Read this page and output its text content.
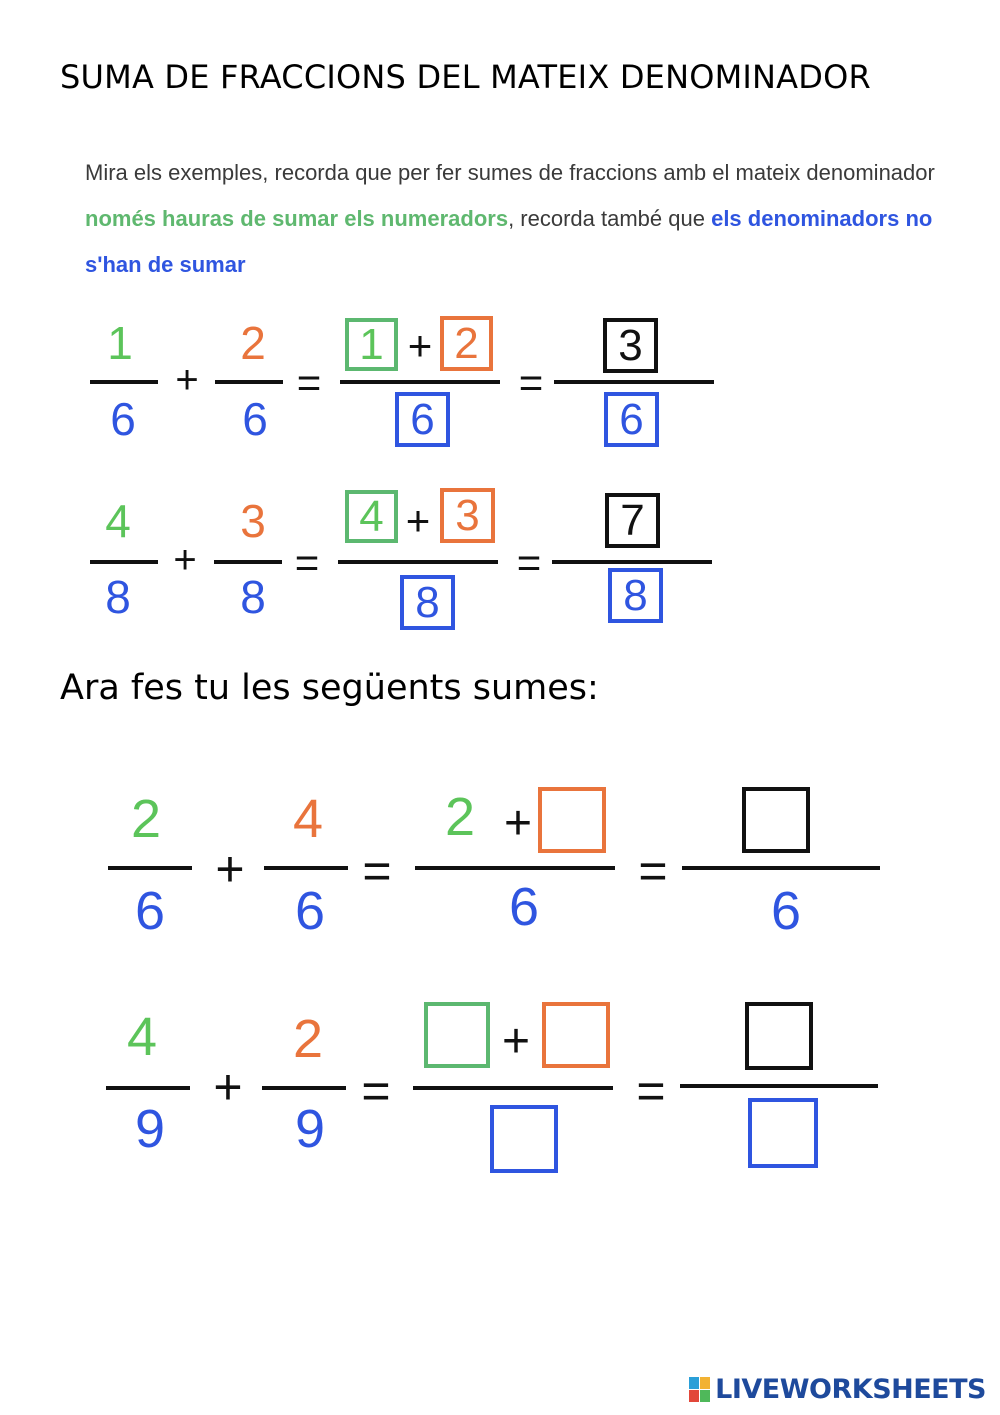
SUMA DE FRACCIONS DEL MATEIX DENOMINADOR
Mira els exemples, recorda que per fer sumes de fraccions amb el mateix denominador només hauras de sumar els numeradors, recorda també que els denominadors no s'han de sumar
1
6
+
2
6
=
1 + 2
6
=
3
6
4
8
+
3
8
=
4 + 3
8
=
7
8
Ara fes tu les següents sumes:
2
6
+
4
6
=
2 +
6
=
6
4
9
+
2
9
=
+
=
LIVEWORKSHEETS
